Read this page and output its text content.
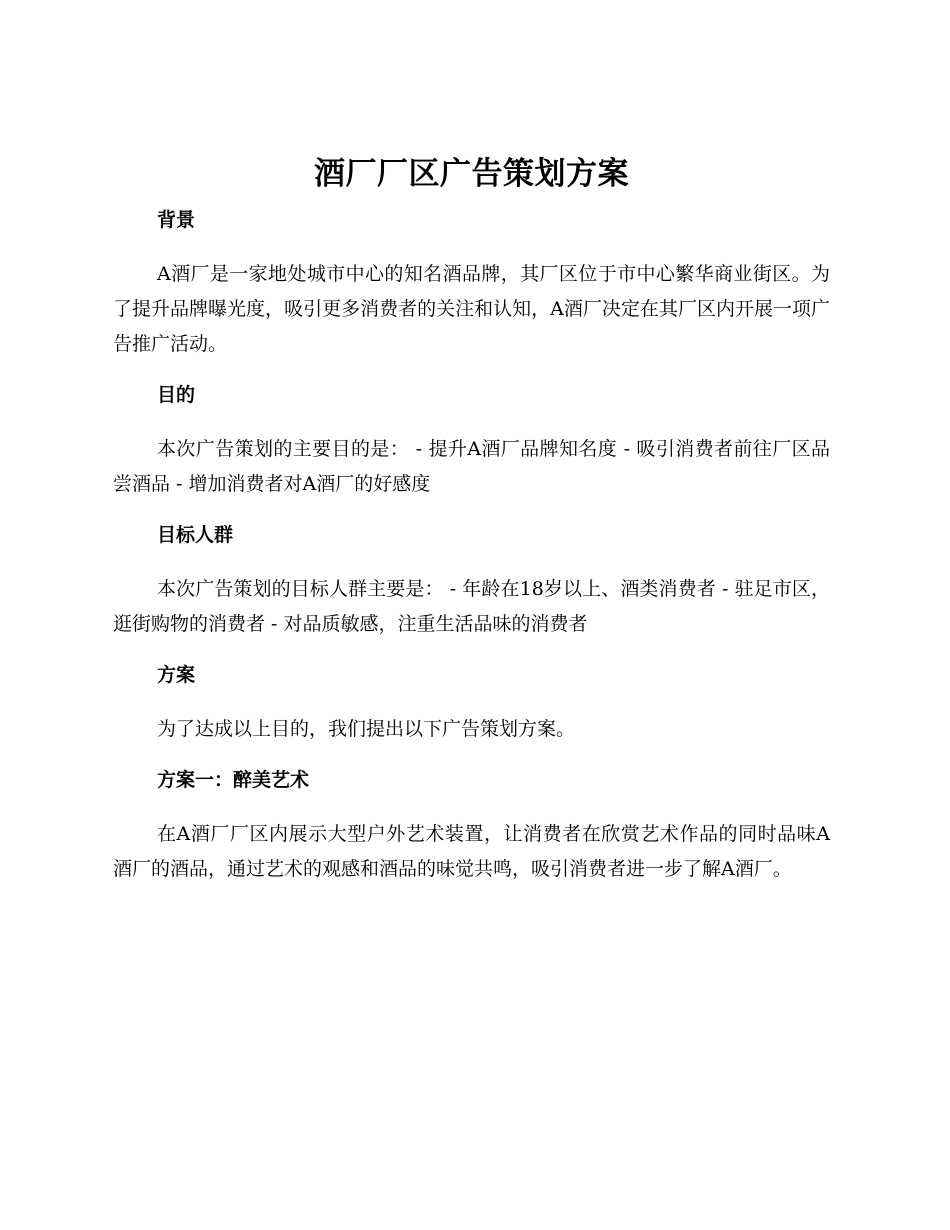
酒厂厂区广告策划方案
背景

A酒厂是一家地处城市中心的知名酒品牌，其厂区位于市中心繁华商业街区。为了提升品牌曝光度，吸引更多消费者的关注和认知，A酒厂决定在其厂区内开展一项广告推广活动。

目的

本次广告策划的主要目的是： - 提升A酒厂品牌知名度 - 吸引消费者前往厂区品尝酒品 - 增加消费者对A酒厂的好感度

目标人群

本次广告策划的目标人群主要是： - 年龄在18岁以上、酒类消费者 - 驻足市区，逛街购物的消费者 - 对品质敏感，注重生活品味的消费者

方案

为了达成以上目的，我们提出以下广告策划方案。

方案一：醉美艺术

在A酒厂厂区内展示大型户外艺术装置，让消费者在欣赏艺术作品的同时品味A酒厂的酒品，通过艺术的观感和酒品的味觉共鸣，吸引消费者进一步了解A酒厂。
